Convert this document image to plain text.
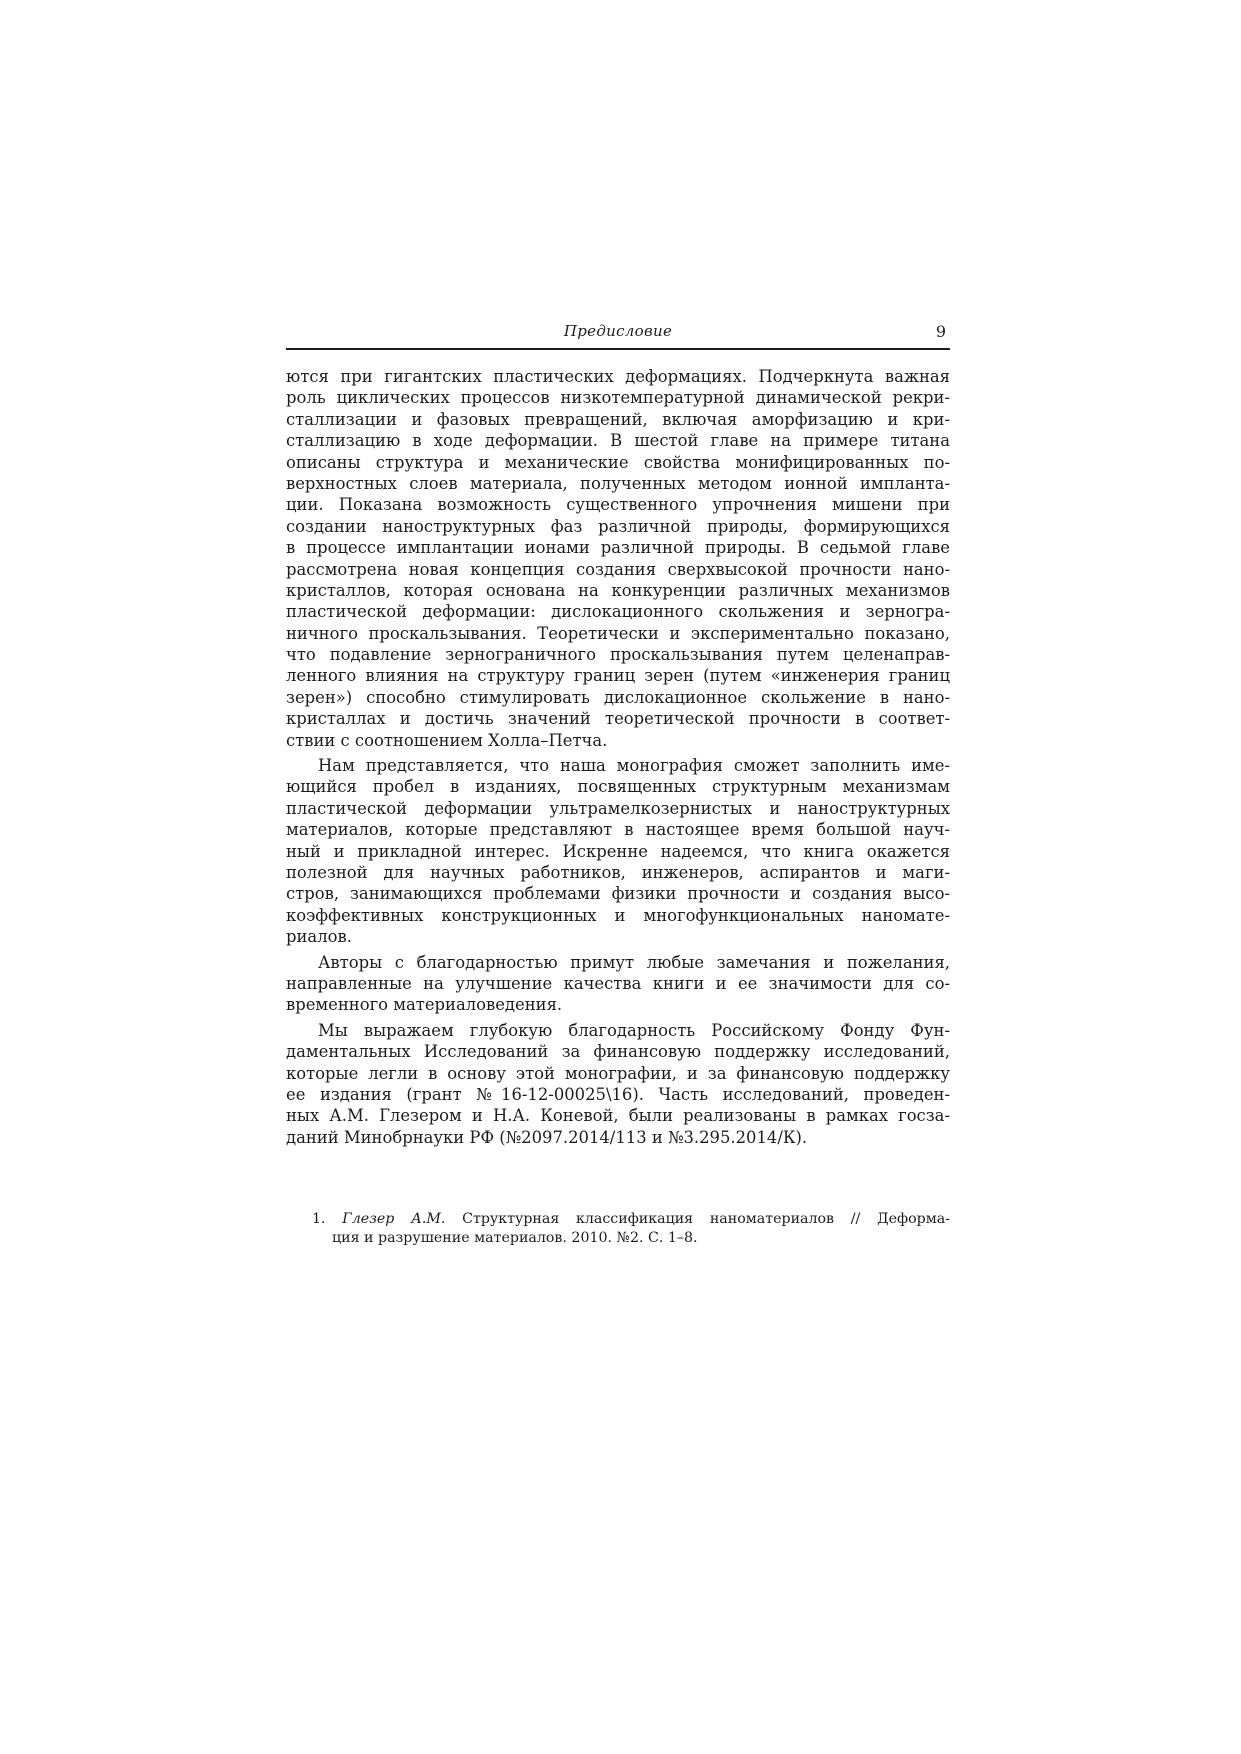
Предисловие	9
ются при гигантских пластических деформациях. Подчеркнута важная
роль циклических процессов низкотемпературной динамической рекри-
сталлизации и фазовых превращений, включая аморфизацию и кри-
сталлизацию в ходе деформации. В шестой главе на примере титана
описаны структура и механические свойства монифицированных по-
верхностных слоев материала, полученных методом ионной импланта-
ции. Показана возможность существенного упрочнения мишени при
создании наноструктурных фаз различной природы, формирующихся
в процессе имплантации ионами различной природы. В седьмой главе
рассмотрена новая концепция создания сверхвысокой прочности нано-
кристаллов, которая основана на конкуренции различных механизмов
пластической деформации: дислокационного скольжения и зерногра-
ничного проскальзывания. Теоретически и экспериментально показано,
что подавление зернограничного проскальзывания путем целенаправ-
ленного влияния на структуру границ зерен (путем «инженерия границ
зерен») способно стимулировать дислокационное скольжение в нано-
кристаллах и достичь значений теоретической прочности в соответ-
ствии с соотношением Холла–Петча.
Нам представляется, что наша монография сможет заполнить име-
ющийся пробел в изданиях, посвященных структурным механизмам
пластической деформации ультрамелкозернистых и наноструктурных
материалов, которые представляют в настоящее время большой науч-
ный и прикладной интерес. Искренне надеемся, что книга окажется
полезной для научных работников, инженеров, аспирантов и маги-
стров, занимающихся проблемами физики прочности и создания высо-
коэффективных конструкционных и многофункциональных наномате-
риалов.
Авторы с благодарностью примут любые замечания и пожелания,
направленные на улучшение качества книги и ее значимости для со-
временного материаловедения.
Мы выражаем глубокую благодарность Российскому Фонду Фун-
даментальных Исследований за финансовую поддержку исследований,
которые легли в основу этой монографии, и за финансовую поддержку
ее издания (грант №16-12-00025\16). Часть исследований, проведен-
ных А.М. Глезером и Н.А. Коневой, были реализованы в рамках госза-
даний Минобрнауки РФ (№2097.2014/113 и №3.295.2014/К).
1. Глезер А.М. Структурная классификация наноматериалов // Деформа-
ция и разрушение материалов. 2010. №2. С. 1–8.
